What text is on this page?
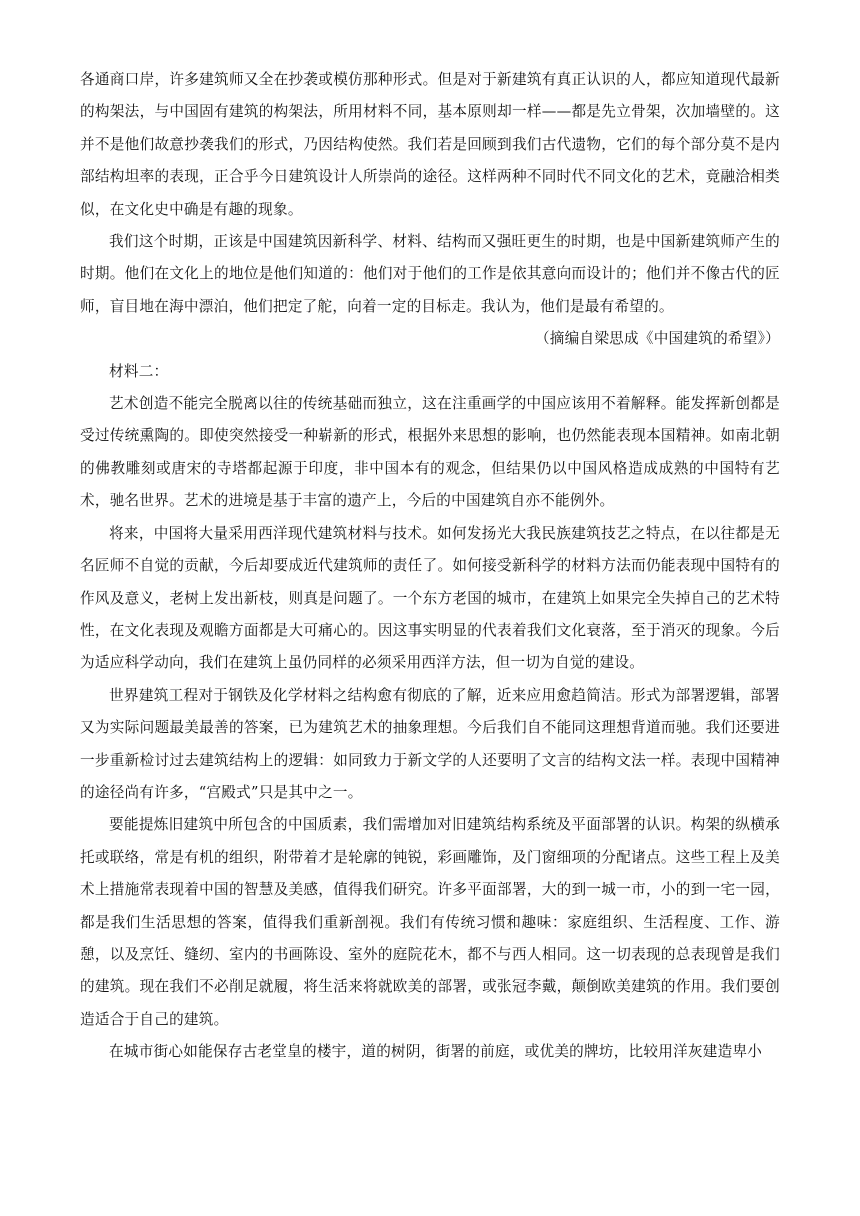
各通商口岸，许多建筑师又全在抄袭或模仿那种形式。但是对于新建筑有真正认识的人，都应知道现代最新的构架法，与中国固有建筑的构架法，所用材料不同，基本原则却一样——都是先立骨架，次加墙壁的。这并不是他们故意抄袭我们的形式，乃因结构使然。我们若是回顾到我们古代遗物，它们的每个部分莫不是内部结构坦率的表现，正合乎今日建筑设计人所崇尚的途径。这样两种不同时代不同文化的艺术，竟融洽相类似，在文化史中确是有趣的现象。

我们这个时期，正该是中国建筑因新科学、材料、结构而又强旺更生的时期，也是中国新建筑师产生的时期。他们在文化上的地位是他们知道的：他们对于他们的工作是依其意向而设计的；他们并不像古代的匠师，盲目地在海中漂泊，他们把定了舵，向着一定的目标走。我认为，他们是最有希望的。

（摘编自梁思成《中国建筑的希望》）

材料二：

艺术创造不能完全脱离以往的传统基础而独立，这在注重画学的中国应该用不着解释。能发挥新创都是受过传统熏陶的。即使突然接受一种崭新的形式，根据外来思想的影响，也仍然能表现本国精神。如南北朝的佛教雕刻或唐宋的寺塔都起源于印度，非中国本有的观念，但结果仍以中国风格造成成熟的中国特有艺术，驰名世界。艺术的进境是基于丰富的遗产上，今后的中国建筑自亦不能例外。

将来，中国将大量采用西洋现代建筑材料与技术。如何发扬光大我民族建筑技艺之特点，在以往都是无名匠师不自觉的贡献，今后却要成近代建筑师的责任了。如何接受新科学的材料方法而仍能表现中国特有的作风及意义，老树上发出新枝，则真是问题了。一个东方老国的城市，在建筑上如果完全失掉自己的艺术特性，在文化表现及观瞻方面都是大可痛心的。因这事实明显的代表着我们文化衰落，至于消灭的现象。今后为适应科学动向，我们在建筑上虽仍同样的必须采用西洋方法，但一切为自觉的建设。

世界建筑工程对于钢铁及化学材料之结构愈有彻底的了解，近来应用愈趋简洁。形式为部署逻辑，部署又为实际问题最美最善的答案，已为建筑艺术的抽象理想。今后我们自不能同这理想背道而驰。我们还要进一步重新检讨过去建筑结构上的逻辑：如同致力于新文学的人还要明了文言的结构文法一样。表现中国精神的途径尚有许多，“宫殿式”只是其中之一。

要能提炼旧建筑中所包含的中国质素，我们需增加对旧建筑结构系统及平面部署的认识。构架的纵横承托或联络，常是有机的组织，附带着才是轮廓的钝锐，彩画雕饰，及门窗细项的分配诸点。这些工程上及美术上措施常表现着中国的智慧及美感，值得我们研究。许多平面部署，大的到一城一市，小的到一宅一园，都是我们生活思想的答案，值得我们重新剖视。我们有传统习惯和趣味：家庭组织、生活程度、工作、游憩，以及烹饪、缝纫、室内的书画陈设、室外的庭院花木，都不与西人相同。这一切表现的总表现曾是我们的建筑。现在我们不必削足就履，将生活来将就欧美的部署，或张冠李戴，颠倒欧美建筑的作用。我们要创造适合于自己的建筑。

在城市街心如能保存古老堂皇的楼宇，道的树阴，街署的前庭，或优美的牌坊，比较用洋灰建造卑小
